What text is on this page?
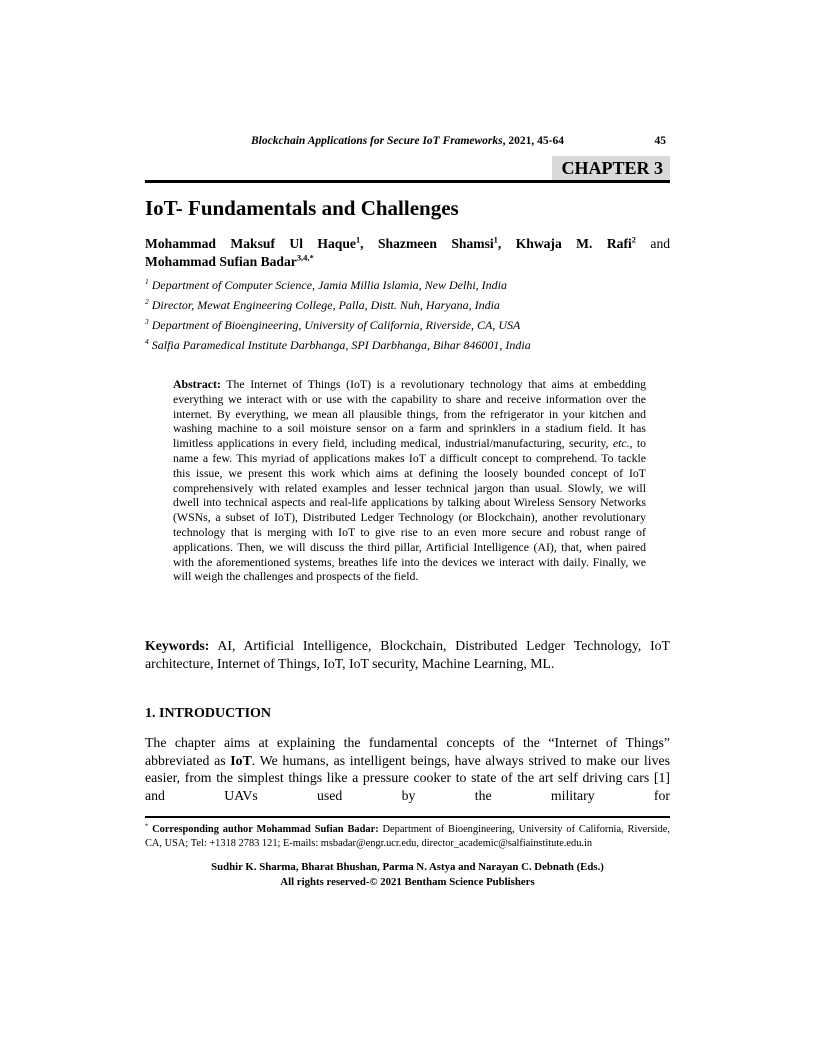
Blockchain Applications for Secure IoT Frameworks, 2021, 45-64	45
CHAPTER 3
IoT- Fundamentals and Challenges
Mohammad Maksuf Ul Haque$^1$, Shazmeen Shamsi$^1$, Khwaja M. Rafi$^2$ and
Mohammad Sufian Badar$^{3,4,*}$
$^1$ Department of Computer Science, Jamia Millia Islamia, New Delhi, India
$^2$ Director, Mewat Engineering College, Palla, Distt. Nuh, Haryana, India
$^3$ Department of Bioengineering, University of California, Riverside, CA, USA
$^4$ Salfia Paramedical Institute Darbhanga, SPI Darbhanga, Bihar 846001, India
Abstract: The Internet of Things (IoT) is a revolutionary technology that aims at embedding everything we interact with or use with the capability to share and receive information over the internet. By everything, we mean all plausible things, from the refrigerator in your kitchen and washing machine to a soil moisture sensor on a farm and sprinklers in a stadium field. It has limitless applications in every field, including medical, industrial/manufacturing, security, etc., to name a few. This myriad of applications makes IoT a difficult concept to comprehend. To tackle this issue, we present this work which aims at defining the loosely bounded concept of IoT comprehensively with related examples and lesser technical jargon than usual. Slowly, we will dwell into technical aspects and real-life applications by talking about Wireless Sensory Networks (WSNs, a subset of IoT), Distributed Ledger Technology (or Blockchain), another revolutionary technology that is merging with IoT to give rise to an even more secure and robust range of applications. Then, we will discuss the third pillar, Artificial Intelligence (AI), that, when paired with the aforementioned systems, breathes life into the devices we interact with daily. Finally, we will weigh the challenges and prospects of the field.
Keywords: AI, Artificial Intelligence, Blockchain, Distributed Ledger Technology, IoT architecture, Internet of Things, IoT, IoT security, Machine Learning, ML.
1. INTRODUCTION
The chapter aims at explaining the fundamental concepts of the “Internet of Things” abbreviated as IoT. We humans, as intelligent beings, have always strived to make our lives easier, from the simplest things like a pressure cooker to state of the art self driving cars [1] and UAVs used by the military for
* Corresponding author Mohammad Sufian Badar: Department of Bioengineering, University of California, Riverside, CA, USA; Tel: +1318 2783 121; E-mails: msbadar@engr.ucr.edu, director_academic@salfiainstitute.edu.in
Sudhir K. Sharma, Bharat Bhushan, Parma N. Astya and Narayan C. Debnath (Eds.)
All rights reserved-© 2021 Bentham Science Publishers
